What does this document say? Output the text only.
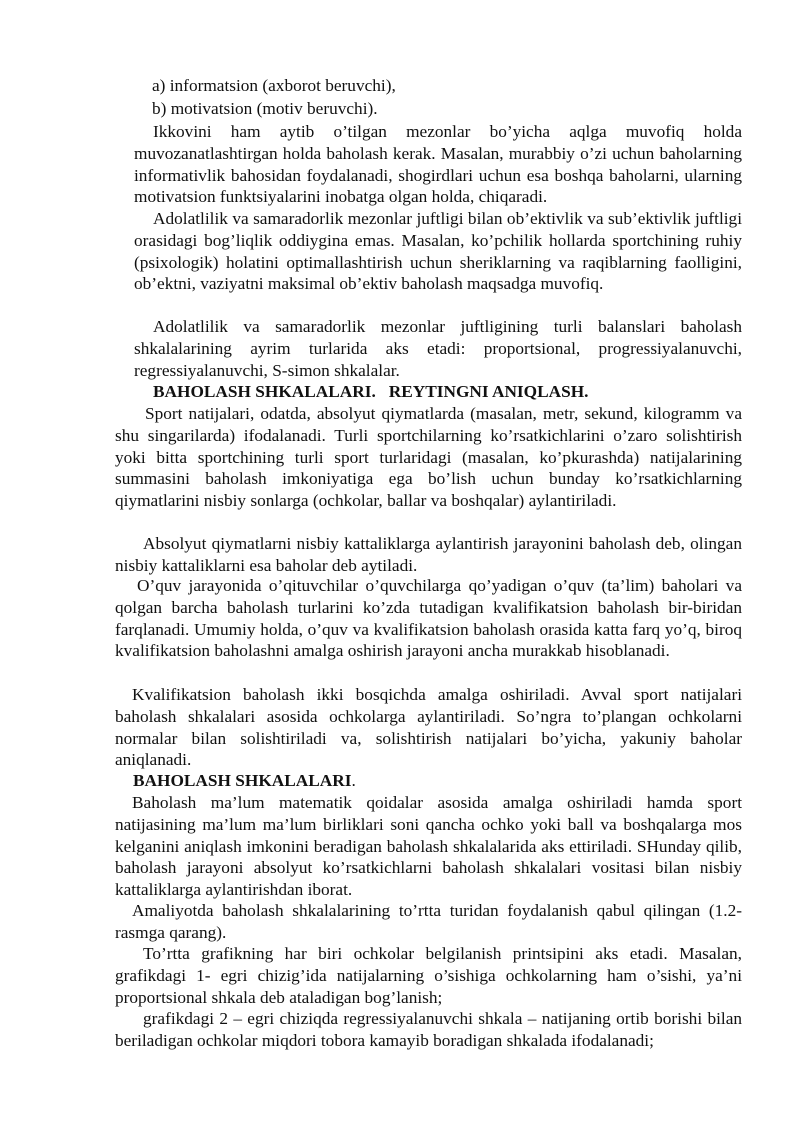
a) informatsion (axborot beruvchi),

b) motivatsion (motiv beruvchi).

Ikkovini ham aytib o’tilgan mezonlar bo’yicha aqlga muvofiq holda muvozanatlashtirgan holda baholash kerak. Masalan, murabbiy o’zi uchun baholarning informativlik bahosidan foydalanadi, shogirdlari uchun esa boshqa baholarni, ularning motivatsion funktsiyalarini inobatga olgan holda, chiqaradi.

Adolatlilik va samaradorlik mezonlar juftligi bilan ob’ektivlik va sub’ektivlik juftligi orasidagi bog’liqlik oddiygina emas. Masalan, ko’pchilik hollarda sportchining ruhiy (psixologik) holatini optimallashtirish uchun sheriklarning va raqiblarning faolligini, ob’ektni, vaziyatni maksimal ob’ektiv baholash maqsadga muvofiq.

Adolatlilik va samaradorlik mezonlar juftligining turli balanslari baholash shkalalarining ayrim turlarida aks etadi: proportsional, progressiyalanuvchi, regressiyalanuvchi, S-simon shkalalar.

BAHOLASH SHKALALARI.   REYTINGNI ANIQLASH.

Sport natijalari, odatda, absolyut qiymatlarda (masalan, metr, sekund, kilogramm va shu singarilarda) ifodalanadi. Turli sportchilarning ko’rsatkichlarini o’zaro solishtirish yoki bitta sportchining turli sport turlaridagi (masalan, ko’pkurashda) natijalarining summasini baholash imkoniyatiga ega bo’lish uchun bunday ko’rsatkichlarning qiymatlarini nisbiy sonlarga (ochkolar, ballar va boshqalar) aylantiriladi.

Absolyut qiymatlarni nisbiy kattaliklarga aylantirish jarayonini baholash deb, olingan nisbiy kattaliklarni esa baholar deb aytiladi.

O’quv jarayonida o’qituvchilar o’quvchilarga qo’yadigan o’quv (ta’lim) baholari va qolgan barcha baholash turlarini ko’zda tutadigan kvalifikatsion baholash bir-biridan farqlanadi. Umumiy holda, o’quv va kvalifikatsion baholash orasida katta farq yo’q, biroq kvalifikatsion baholashni amalga oshirish jarayoni ancha murakkab hisoblanadi.

Kvalifikatsion baholash ikki bosqichda amalga oshiriladi. Avval sport natijalari baholash shkalalari asosida ochkolarga aylantiriladi. So’ngra to’plangan ochkolarni normalar bilan solishtiriladi va, solishtirish natijalari bo’yicha, yakuniy baholar aniqlanadi.

BAHOLASH SHKALALARI.

Baholash ma’lum matematik qoidalar asosida amalga oshiriladi hamda sport natijasining ma’lum ma’lum birliklari soni qancha ochko yoki ball va boshqalarga mos kelganini aniqlash imkonini beradigan baholash shkalalarida aks ettiriladi. SHunday qilib, baholash jarayoni absolyut ko’rsatkichlarni baholash shkalalari vositasi bilan nisbiy kattaliklarga aylantirishdan iborat.

Amaliyotda baholash shkalalarining to’rtta turidan foydalanish qabul qilingan (1.2-rasmga qarang).

To’rtta grafikning har biri ochkolar belgilanish printsipini aks etadi. Masalan, grafikdagi 1- egri chizig’ida natijalarning o’sishiga ochkolarning ham o’sishi, ya’ni proportsional shkala deb ataladigan bog’lanish;

grafikdagi 2 – egri chiziqda regressiyalanuvchi shkala – natijaning ortib borishi bilan beriladigan ochkolar miqdori tobora kamayib boradigan shkalada ifodalanadi;
